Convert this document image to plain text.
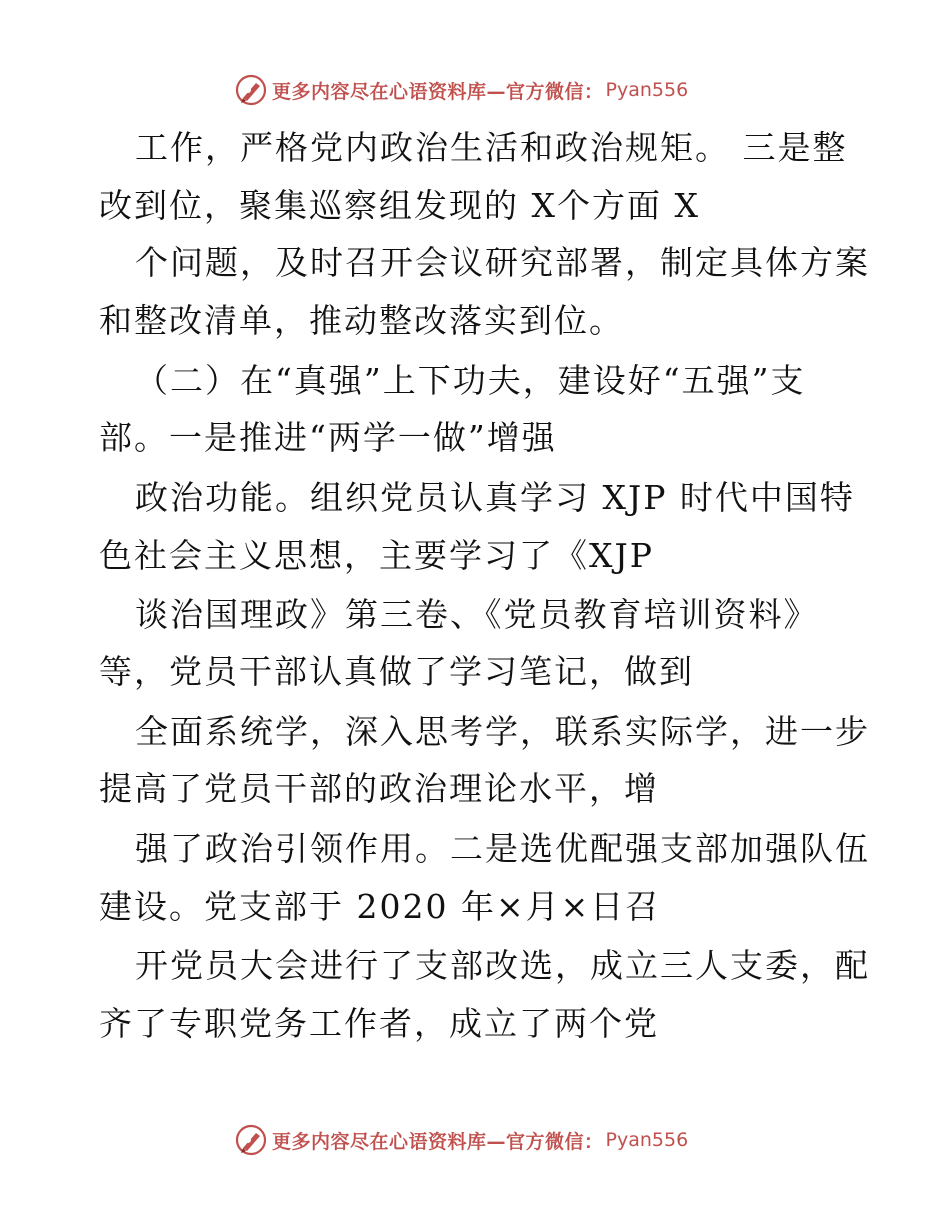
更多内容尽在心语资料库—官方微信： Pyan556
工作，严格党内政治生活和政治规矩。 三是整
改到位，聚集巡察组发现的 X个方面 X
个问题，及时召开会议研究部署，制定具体方案
和整改清单，推动整改落实到位。
（二）在“真强”上下功夫，建设好“五强”支
部。一是推进“两学一做”增强
政治功能。组织党员认真学习 XJP 时代中国特
色社会主义思想，主要学习了《XJP
谈治国理政》第三卷、《党员教育培训资料》
等，党员干部认真做了学习笔记，做到
全面系统学，深入思考学，联系实际学，进一步
提高了党员干部的政治理论水平，增
强了政治引领作用。二是选优配强支部加强队伍
建设。党支部于 2020 年×月×日召
开党员大会进行了支部改选，成立三人支委，配
齐了专职党务工作者，成立了两个党
更多内容尽在心语资料库—官方微信： Pyan556
